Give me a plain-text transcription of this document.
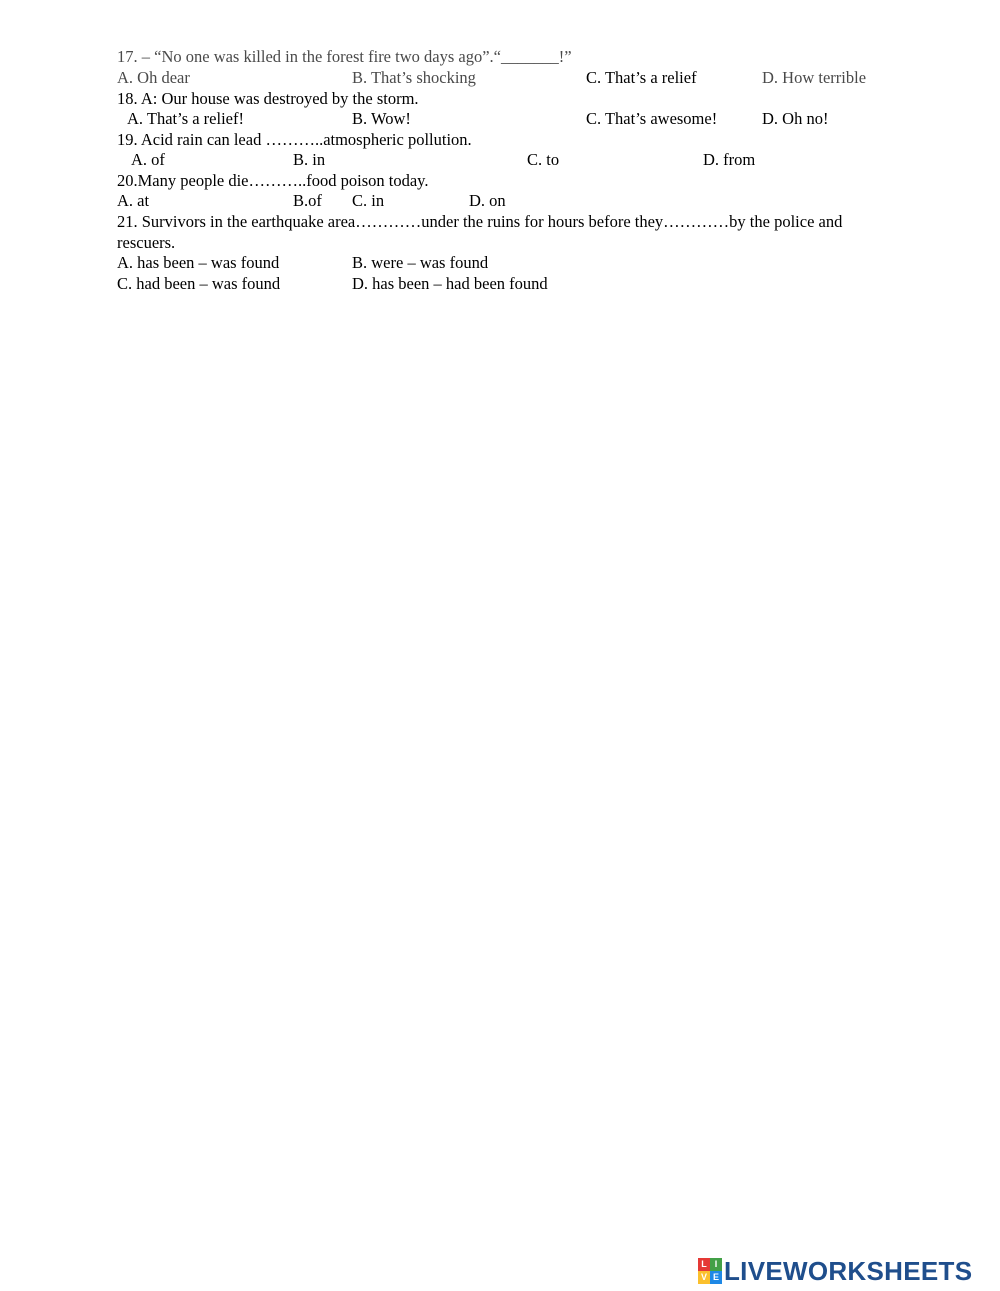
17. – “No one was killed in the forest fire two days ago”.“_______!”
A. Oh dear	B. That’s shocking	C. That’s a relief	D. How terrible
18. A: Our house was destroyed by the storm.
A. That’s a relief!	B. Wow!	C. That’s awesome!	D. Oh no!
19. Acid rain can lead ………..atmospheric pollution.
A. of	B. in	C. to	D. from
20.Many people die………..food poison today.
A. at	B.of C. in	D. on
21. Survivors in the earthquake area…………under the ruins for hours before they…………by the police and
rescuers.
A. has been – was found	B. were – was found
C. had been – was found	D. has been – had been found
L I
V E LIVEWORKSHEETS
